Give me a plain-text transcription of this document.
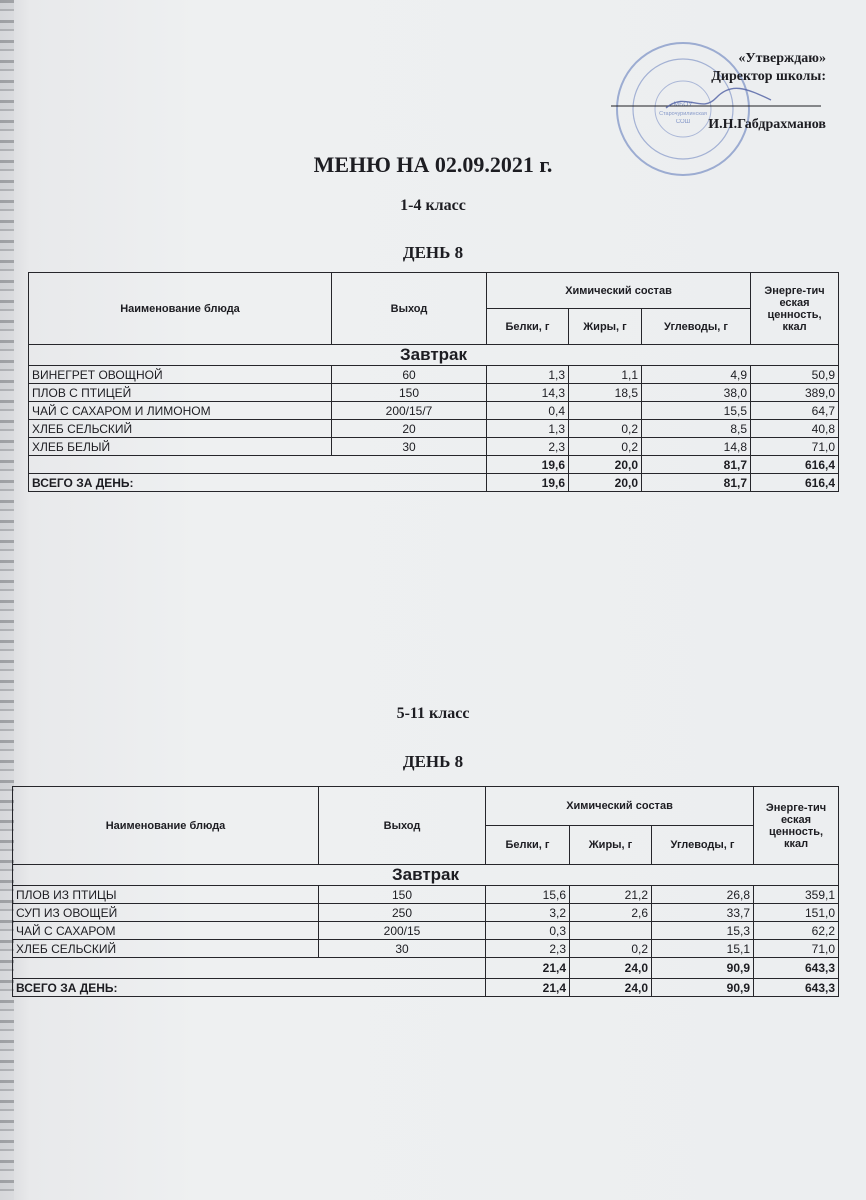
МБОУ
Старочурилинская
СОШ
«Утверждаю»
Директор школы:
И.Н.Габдрахманов
МЕНЮ НА 02.09.2021 г.
1-4 класс
ДЕНЬ 8
Наименование блюда	Выход	Химический состав			Энерге-тич еская ценность, ккал
		Белки, г	Жиры, г	Углеводы, г	
Завтрак					
ВИНЕГРЕТ ОВОЩНОЙ	60	1,3	1,1	4,9	50,9
ПЛОВ С ПТИЦЕЙ	150	14,3	18,5	38,0	389,0
ЧАЙ С САХАРОМ И ЛИМОНОМ	200/15/7	0,4		15,5	64,7
ХЛЕБ СЕЛЬСКИЙ	20	1,3	0,2	8,5	40,8
ХЛЕБ БЕЛЫЙ	30	2,3	0,2	14,8	71,0
		19,6	20,0	81,7	616,4
ВСЕГО ЗА ДЕНЬ:		19,6	20,0	81,7	616,4
5-11 класс
ДЕНЬ 8
Наименование блюда	Выход	Химический состав			Энерге-тич еская ценность, ккал
		Белки, г	Жиры, г	Углеводы, г	
Завтрак					
ПЛОВ ИЗ ПТИЦЫ	150	15,6	21,2	26,8	359,1
СУП ИЗ ОВОЩЕЙ	250	3,2	2,6	33,7	151,0
ЧАЙ С САХАРОМ	200/15	0,3		15,3	62,2
ХЛЕБ СЕЛЬСКИЙ	30	2,3	0,2	15,1	71,0
		21,4	24,0	90,9	643,3
ВСЕГО ЗА ДЕНЬ:		21,4	24,0	90,9	643,3
